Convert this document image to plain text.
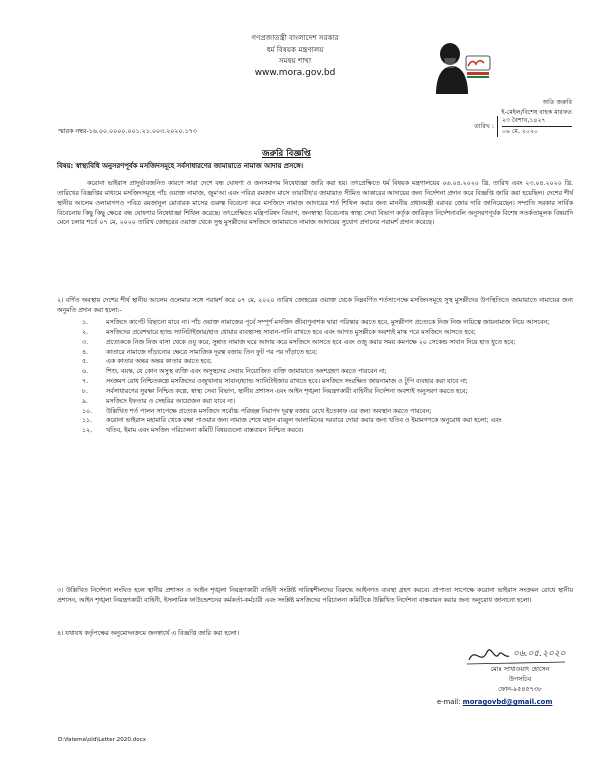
গণপ্রজাতন্ত্রী বাংলাদেশ সরকার
ধর্ম বিষয়ক মন্ত্রণালয়
সমন্বয় শাখা
www.mora.gov.bd
অতি জরুরি
ই-মেইল/বিশেষ বাহক মারফত
স্মারক নম্বর-১৬.০০.০০০০.০০১.২১.০০৩.২০২০.১৭৩
তারিখ :
২৩ বৈশাখ,১৪২৭
০৬ মে, ২০২০
জরুরি বিজ্ঞপ্তি
বিষয়: স্বাস্থ্যবিধি অনুসরণপূর্বক মসজিদসমূহে সর্বসাধারণের জামায়াতে নামাজ আদায় প্রসঙ্গে।
করোনা ভাইরাস প্রাদুর্ভাবজনিত কারণে সারা দেশে বন্ধ ঘোষণা ও জনসমাগম নিষেধাজ্ঞা জারি করা হয়। তৎপ্রেক্ষিতে ধর্ম বিষয়ক মন্ত্রণালয়ের ০৬.০৪.২০২০ খ্রি. তারিখ এবং ২৩.০৪.২০২০ খ্রি. তারিখের বিজ্ঞপ্তির মাধ্যমে মসজিদসমূহে পাঁচ ওয়াক্ত নামাজ, জুম'আ এবং পবিত্র রমজান মাসে তারাবীহ'র জামায়াত সীমিত আকারের আদায়ের জন্য নির্দেশনা প্রদান করে বিজ্ঞপ্তি জারি করা হয়েছিল। দেশের শীর্ষ স্থানীয় আলেম ওলামাগণও পবিত্র রমজানুল মোবারক মাসের গুরুত্ব বিবেচনা করে মসজিদে নামাজ আদায়ের শর্ত শিথিল করার জন্য মাননীয় প্রধানমন্ত্রী বরাবর জোর দাবি জানিয়েছেন। সম্প্রতি সরকার সার্বিক বিবেচনায় কিছু কিছু ক্ষেত্রে বন্ধ ঘোষণার নিষেধাজ্ঞা শিথিল করেছে। তৎপ্রেক্ষিতে মন্ত্রিপরিষদ বিভাগ, জনস্বাস্থ্য বিবেচনায় স্বাস্থ্য সেবা বিভাগ কর্তৃক জারিকৃত নির্দেশনাবলি অনুসরণপূর্বক বিশেষ সতর্কতামূলক বিষয়াদি মেনে চলার শর্তে ০৭ মে, ২০২০ তারিখ জোহরের ওয়াক্ত থেকে সুস্থ মুসল্লীদের মসজিদে জামায়াতে নামাজ আদায়ের সুযোগ প্রদানের পরামর্শ প্রদান করেছে।
২। বর্ণিত অবস্থায় দেশের শীর্ষ স্থানীয় আলেম ওলেমার সঙ্গে পরামর্শ করে ০৭ মে, ২০২০ তারিখ জোহরের ওয়াক্ত থেকে নিম্নবর্ণিত শর্তসাপেক্ষে মসজিদসমূহে সুস্থ মুসল্লীদের উপস্থিতিতে জামায়াতে নামাযের জন্য অনুমতি প্রদান করা হলো:-
১.	মসজিদে কার্পেট বিছানো যাবে না। পাঁচ ওয়াক্ত নামাজের পূর্বে সম্পূর্ণ মসজিদ জীবাণুনাশক দ্বারা পরিস্কার করতে হবে, মুসল্লীগণ প্রত্যেকে নিজ নিজ দায়িত্বে জায়নামাজ নিয়ে আসবেন;
২.	মসজিদের প্রবেশদ্বারে হ্যান্ড স্যানিটাইজার/হাত ধোয়ার ব্যবস্থাসহ সাবান-পানি রাখতে হবে এবং আগত মুসল্লীকে অবশ্যই মাস্ক পরে মসজিদে আসতে হবে;
৩.	প্রত্যেককে নিজ নিজ বাসা থেকে ওযু করে, সুন্নাত নামাজ ঘরে আদায় করে মসজিদে আসতে হবে এবং ওজু করার সময় কমপক্ষে ২০ সেকেন্ড সাবান দিয়ে হাত ধুতে হবে;
৪.	কাতারে নামাজে দাঁড়ানোর ক্ষেত্রে সামাজিক দূরত্ব বজায় তিন ফুট পর পর দাঁড়াতে হবে;
৫.	এক কাতার অন্তর অন্তর কাতার করতে হবে;
৬.	শিশু, বয়স্ক, যে কোন অসুস্থ ব্যক্তি এবং অসুস্থদের সেবায় নিয়োজিত ব্যক্তি জামায়াতে অংশগ্রহণ করতে পারবেন না;
৭.	সংক্রমণ রোধ নিশ্চিতকল্পে মসজিদের ওজুখানায় সাবান/হ্যান্ড স্যানিটাইজার রাখতে হবে। মসজিদে সংরক্ষিত জায়নামাজ ও টুপি ব্যবহার করা যাবে না;
৮.	সর্বসাধারণের সুরক্ষা নিশ্চিত কল্পে, স্বাস্থ্য সেবা বিভাগ, স্থানীয় প্রশাসন এবং আইন শৃঙ্খলা নিয়ন্ত্রণকারী বাহিনীর নির্দেশনা অবশ্যই অনুসরণ করতে হবে;
৯.	মসজিদে ইফতার ও সেহরির আয়োজন করা যাবে না।
১০.	উল্লিখিত শর্ত পালন সাপেক্ষে প্রত্যেক মসজিদে সর্বোচ্চ পরিচ্ছন্ন নিরাপদ দূরত্ব বজায় রেখে ইতেকাফ এর জন্য অবস্থান করতে পারবেন;
১১.	করোনা ভাইরাস মহামারি থেকে রক্ষা পাওয়ার জন্য নামাজ শেষে মহান রাব্বুল আলামিনের দরবারে দোয়া করার জন্য খতিব ও ইমামগণকে অনুরোধ করা হলো; এবং
১২.	খতিব, ইমাম এবং মসজিদ পরিচালনা কমিটি বিষয়গুলো বাস্তবায়ন নিশ্চিত করবে।
৩। উল্লিখিত নির্দেশনা লংঘিত হলে স্থানীয় প্রশাসন ও আইন শৃঙ্খলা নিয়ন্ত্রণকারী বাহিনী সংশ্লিষ্ট দায়িত্বশীলদের বিরুদ্ধে আইনগত ব্যবস্থা গ্রহণ করবে। প্রাপ্যতা সাপেক্ষে করোনা ভাইরাস সংক্রমন রোধে স্থানীয় প্রশাসন, আইন শৃঙ্খলা নিয়ন্ত্রণকারী বাহিনী, ইসলামিক ফাউন্ডেশনের কর্মকর্তা-কর্মচারী এবং সংশ্লিষ্ট মসজিদের পরিচালনা কমিটিকে উল্লিখিত নির্দেশনা বাস্তবায়ন করার জন্য অনুরোধ জানানো হলো।
৪। যথাযথ কর্তৃপক্ষের অনুমোদনক্রমে জনস্বার্থে এ বিজ্ঞপ্তি জারি করা হলো।
০৬.০৫.২০২০
মোঃ সাখাওয়াৎ হোসেন
উপসচিব
ফোন-৯৫৪৫৭৩৮
e-mail: moragovbd@gmail.com
D:\fatema\old\Letter 2020.docx
